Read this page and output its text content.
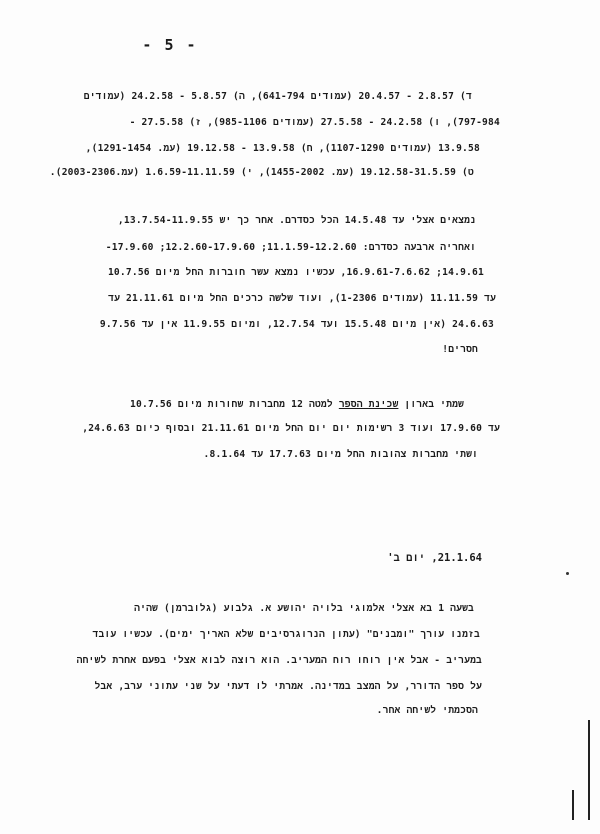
- 5 -
ד) 2.8.57 - 20.4.57 (עמודים 641-794), ה) 5.8.57 - 24.2.58 (עמודים
797-984), ו) 24.2.58 - 27.5.58 (עמודים 985-1106), ז) 27.5.58 -
13.9.58 (עמודים 1107-1290), ח) 13.9.58 - 19.12.58 (עמ. 1291-1454),
ט) 19.12.58-31.5.59 (עמ. 1455-2002), י) 1.6.59-11.11.59 (עמ.2003-2306).
נמצאים אצלי עד 14.5.48 הכל כסדרם. אחר כך יש 13.7.54-11.9.55,
ואחריה ארבעה כסדרם: 11.1.59-12.2.60; 12.2.60-17.9.60; 17.9.60-
14.9.61; 16.9.61-7.6.62, עכשיו נמצא עשר חוברות החל מיום 10.7.56
עד 11.11.59 (עמודים 1-2306), ועוד שלשה כרכים החל מיום 21.11.61 עד
24.6.63 (אין מיום 15.5.48 ועד 12.7.54, ומיום 11.9.55 אין עד 9.7.56
חסרים!
שמתי בארון שכינת הספר למטה 12 מחברות שחורות מיום 10.7.56
עד 17.9.60 ועוד 3 רשימות יום יום החל מיום 21.11.61 ובסוף כיום 24.6.63,
ושתי מחברות צהובות החל מיום 17.7.63 עד 8.1.64.
21.1.64, יום ב'
בשעה 1 בא אצלי אלמוגי בלויה יהושע א. גלבוע (גלוברמן) שהיה
בזמנו עורך "ומבנים" (עתון הנרוגרסיבים שלא האריך ימים). עכשיו עובד
במעריב - אבל אין רוחו רוח המעריב. הוא רוצה לבוא אצלי בפעם אחרת לשיחה
על ספר הדורר, על המצב במדינה. אמרתי לו דעתי על שני עתוני ערב, אבל
הסכמתי לשיחה אחר.
